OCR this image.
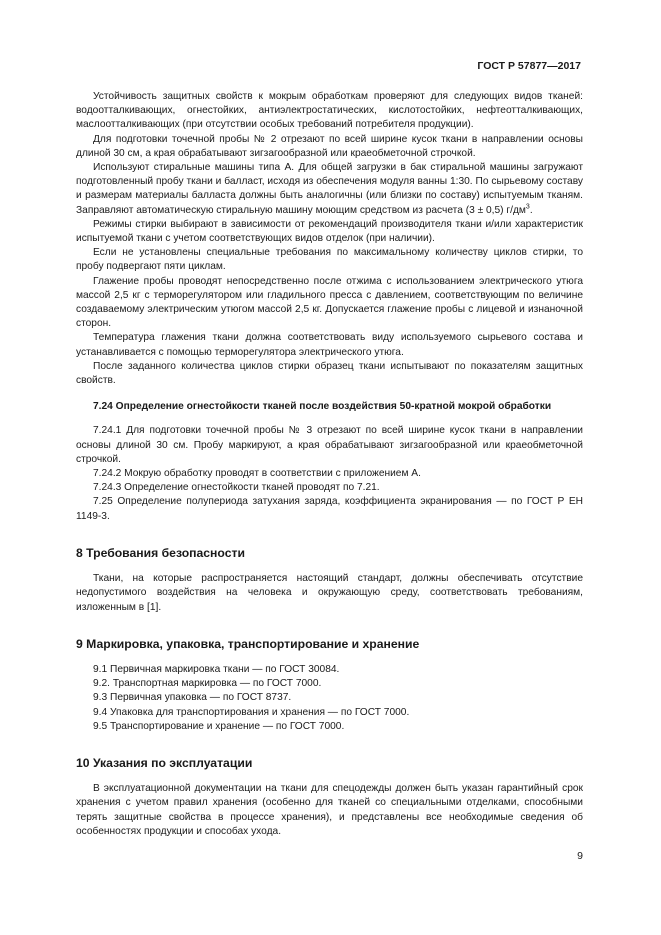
ГОСТ Р 57877—2017

Устойчивость защитных свойств к мокрым обработкам проверяют для следующих видов тканей: водоотталкивающих, огнестойких, антиэлектростатических, кислотостойких, нефтеотталкивающих, маслоотталкивающих (при отсутствии особых требований потребителя продукции).

Для подготовки точечной пробы № 2 отрезают по всей ширине кусок ткани в направлении основы длиной 30 см, а края обрабатывают зигзагообразной или краеобметочной строчкой.

Используют стиральные машины типа А. Для общей загрузки в бак стиральной машины загружают подготовленный пробу ткани и балласт, исходя из обеспечения модуля ванны 1:30. По сырьевому составу и размерам материалы балласта должны быть аналогичны (или близки по составу) испытуемым тканям. Заправляют автоматическую стиральную машину моющим средством из расчета (3 ± 0,5) $г/дм^3$.

Режимы стирки выбирают в зависимости от рекомендаций производителя ткани и/или характеристик испытуемой ткани с учетом соответствующих видов отделок (при наличии).

Если не установлены специальные требования по максимальному количеству циклов стирки, то пробу подвергают пяти циклам.

Глажение пробы проводят непосредственно после отжима с использованием электрического утюга массой 2,5 кг с терморегулятором или гладильного пресса с давлением, соответствующим по величине создаваемому электрическим утюгом массой 2,5 кг. Допускается глажение пробы с лицевой и изнаночной сторон.

Температура глажения ткани должна соответствовать виду используемого сырьевого состава и устанавливается с помощью терморегулятора электрического утюга.

После заданного количества циклов стирки образец ткани испытывают по показателям защитных свойств.

7.24 Определение огнестойкости тканей после воздействия 50-кратной мокрой обработки

7.24.1 Для подготовки точечной пробы № 3 отрезают по всей ширине кусок ткани в направлении основы длиной 30 см. Пробу маркируют, а края обрабатывают зигзагообразной или краеобметочной строчкой.

7.24.2 Мокрую обработку проводят в соответствии с приложением А.

7.24.3 Определение огнестойкости тканей проводят по 7.21.

7.25 Определение полупериода затухания заряда, коэффициента экранирования — по ГОСТ Р ЕН 1149-3.

8 Требования безопасности

Ткани, на которые распространяется настоящий стандарт, должны обеспечивать отсутствие недопустимого воздействия на человека и окружающую среду, соответствовать требованиям, изложенным в [1].

9 Маркировка, упаковка, транспортирование и хранение

9.1 Первичная маркировка ткани — по ГОСТ 30084.

9.2. Транспортная маркировка — по ГОСТ 7000.

9.3 Первичная упаковка — по ГОСТ 8737.

9.4 Упаковка для транспортирования и хранения — по ГОСТ 7000.

9.5 Транспортирование и хранение — по ГОСТ 7000.

10 Указания по эксплуатации

В эксплуатационной документации на ткани для спецодежды должен быть указан гарантийный срок хранения с учетом правил хранения (особенно для тканей со специальными отделками, способными терять защитные свойства в процессе хранения), и представлены все необходимые сведения об особенностях продукции и способах ухода.

9
